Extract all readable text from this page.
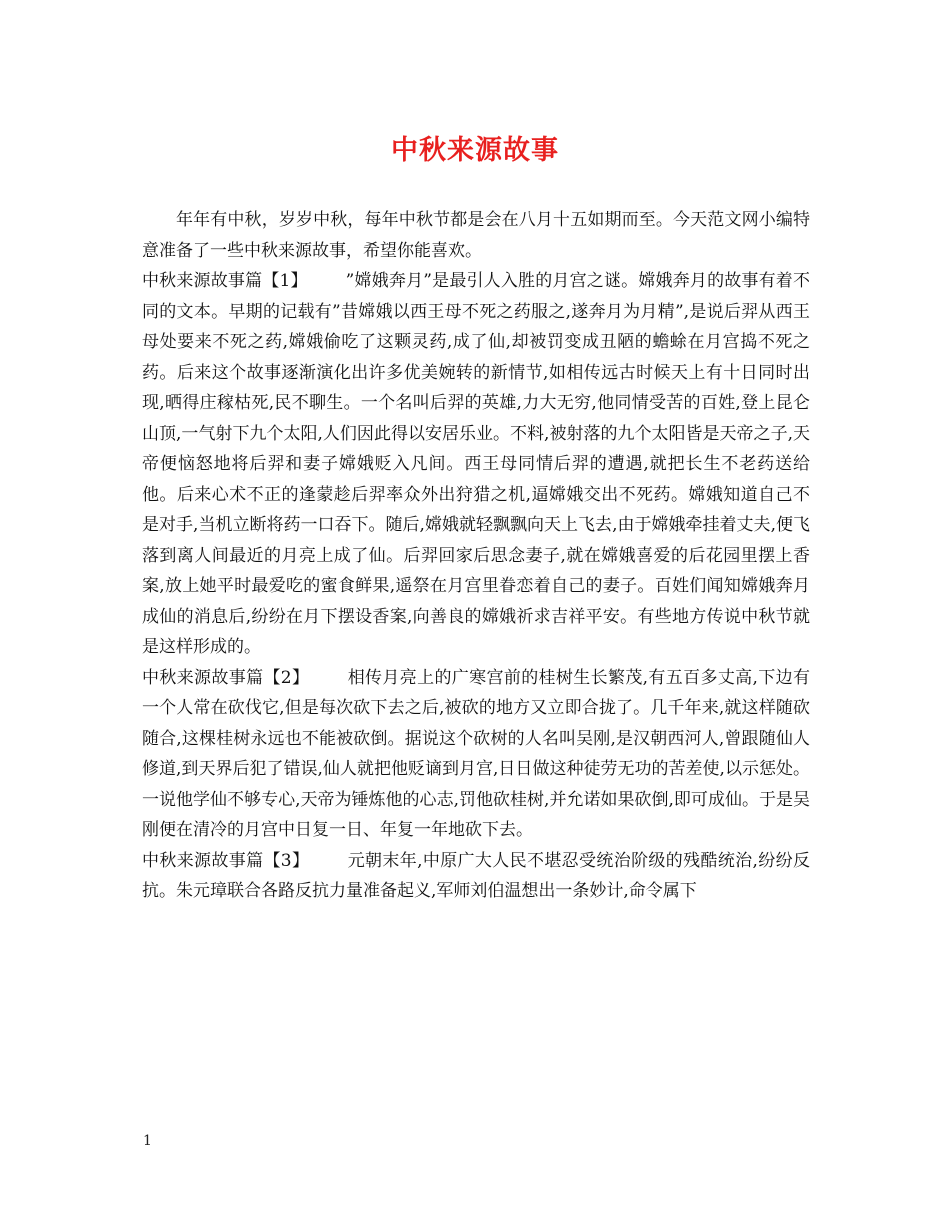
中秋来源故事

年年有中秋，岁岁中秋，每年中秋节都是会在八月十五如期而至。今天范文网小编特意准备了一些中秋来源故事，希望你能喜欢。

中秋来源故事篇【1】 ”嫦娥奔月”是最引人入胜的月宫之谜。嫦娥奔月的故事有着不同的文本。早期的记载有”昔嫦娥以西王母不死之药服之,遂奔月为月精”,是说后羿从西王母处要来不死之药,嫦娥偷吃了这颗灵药,成了仙,却被罚变成丑陋的蟾蜍在月宫捣不死之药。后来这个故事逐渐演化出许多优美婉转的新情节,如相传远古时候天上有十日同时出现,晒得庄稼枯死,民不聊生。一个名叫后羿的英雄,力大无穷,他同情受苦的百姓,登上昆仑山顶,一气射下九个太阳,人们因此得以安居乐业。不料,被射落的九个太阳皆是天帝之子,天帝便恼怒地将后羿和妻子嫦娥贬入凡间。西王母同情后羿的遭遇,就把长生不老药送给他。后来心术不正的逢蒙趁后羿率众外出狩猎之机,逼嫦娥交出不死药。嫦娥知道自己不是对手,当机立断将药一口吞下。随后,嫦娥就轻飘飘向天上飞去,由于嫦娥牵挂着丈夫,便飞落到离人间最近的月亮上成了仙。后羿回家后思念妻子,就在嫦娥喜爱的后花园里摆上香案,放上她平时最爱吃的蜜食鲜果,遥祭在月宫里眷恋着自己的妻子。百姓们闻知嫦娥奔月成仙的消息后,纷纷在月下摆设香案,向善良的嫦娥祈求吉祥平安。有些地方传说中秋节就是这样形成的。

中秋来源故事篇【2】 相传月亮上的广寒宫前的桂树生长繁茂,有五百多丈高,下边有一个人常在砍伐它,但是每次砍下去之后,被砍的地方又立即合拢了。几千年来,就这样随砍随合,这棵桂树永远也不能被砍倒。据说这个砍树的人名叫吴刚,是汉朝西河人,曾跟随仙人修道,到天界后犯了错误,仙人就把他贬谪到月宫,日日做这种徒劳无功的苦差使,以示惩处。一说他学仙不够专心,天帝为锤炼他的心志,罚他砍桂树,并允诺如果砍倒,即可成仙。于是吴刚便在清冷的月宫中日复一日、年复一年地砍下去。

中秋来源故事篇【3】 元朝末年,中原广大人民不堪忍受统治阶级的残酷统治,纷纷反抗。朱元璋联合各路反抗力量准备起义,军师刘伯温想出一条妙计,命令属下

1
